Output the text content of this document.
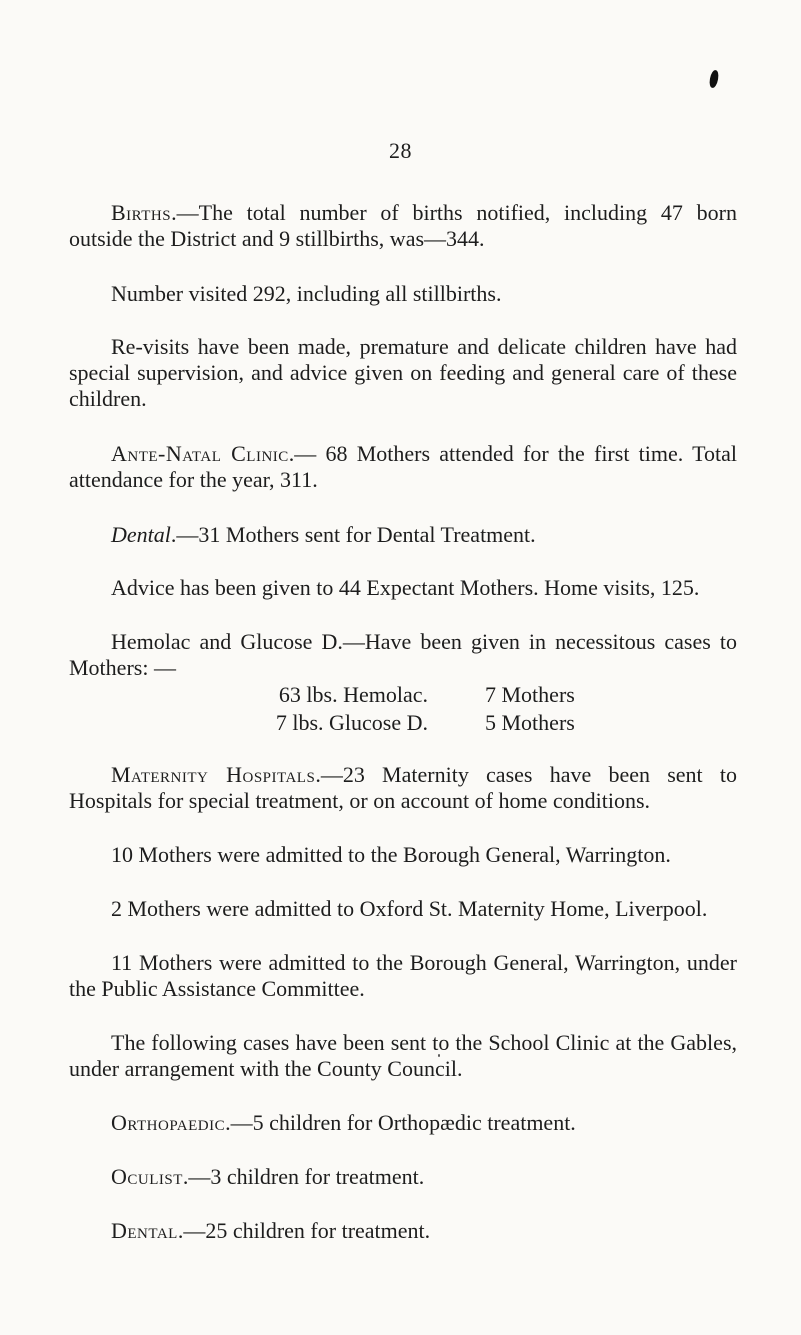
28

Births.—The total number of births notified, including 47 born outside the District and 9 stillbirths, was—344.

Number visited 292, including all stillbirths.

Re-visits have been made, premature and delicate children have had special supervision, and advice given on feeding and general care of these children.

Ante-Natal Clinic.— 68 Mothers attended for the first time. Total attendance for the year, 311.

Dental.—31 Mothers sent for Dental Treatment.

Advice has been given to 44 Expectant Mothers. Home visits, 125.

Hemolac and Glucose D.—Have been given in necessitous cases to Mothers: —

63 lbs. Hemolac.	7 Mothers
7 lbs. Glucose D.	5 Mothers

Maternity Hospitals.—23 Maternity cases have been sent to Hospitals for special treatment, or on account of home conditions.

10 Mothers were admitted to the Borough General, Warrington.

2 Mothers were admitted to Oxford St. Maternity Home, Liverpool.

11 Mothers were admitted to the Borough General, Warrington, under the Public Assistance Committee.

The following cases have been sent to the School Clinic at the Gables, under arrangement with the County Council.

Orthopaedic.—5 children for Orthopædic treatment.

Oculist.—3 children for treatment.

Dental.—25 children for treatment.
